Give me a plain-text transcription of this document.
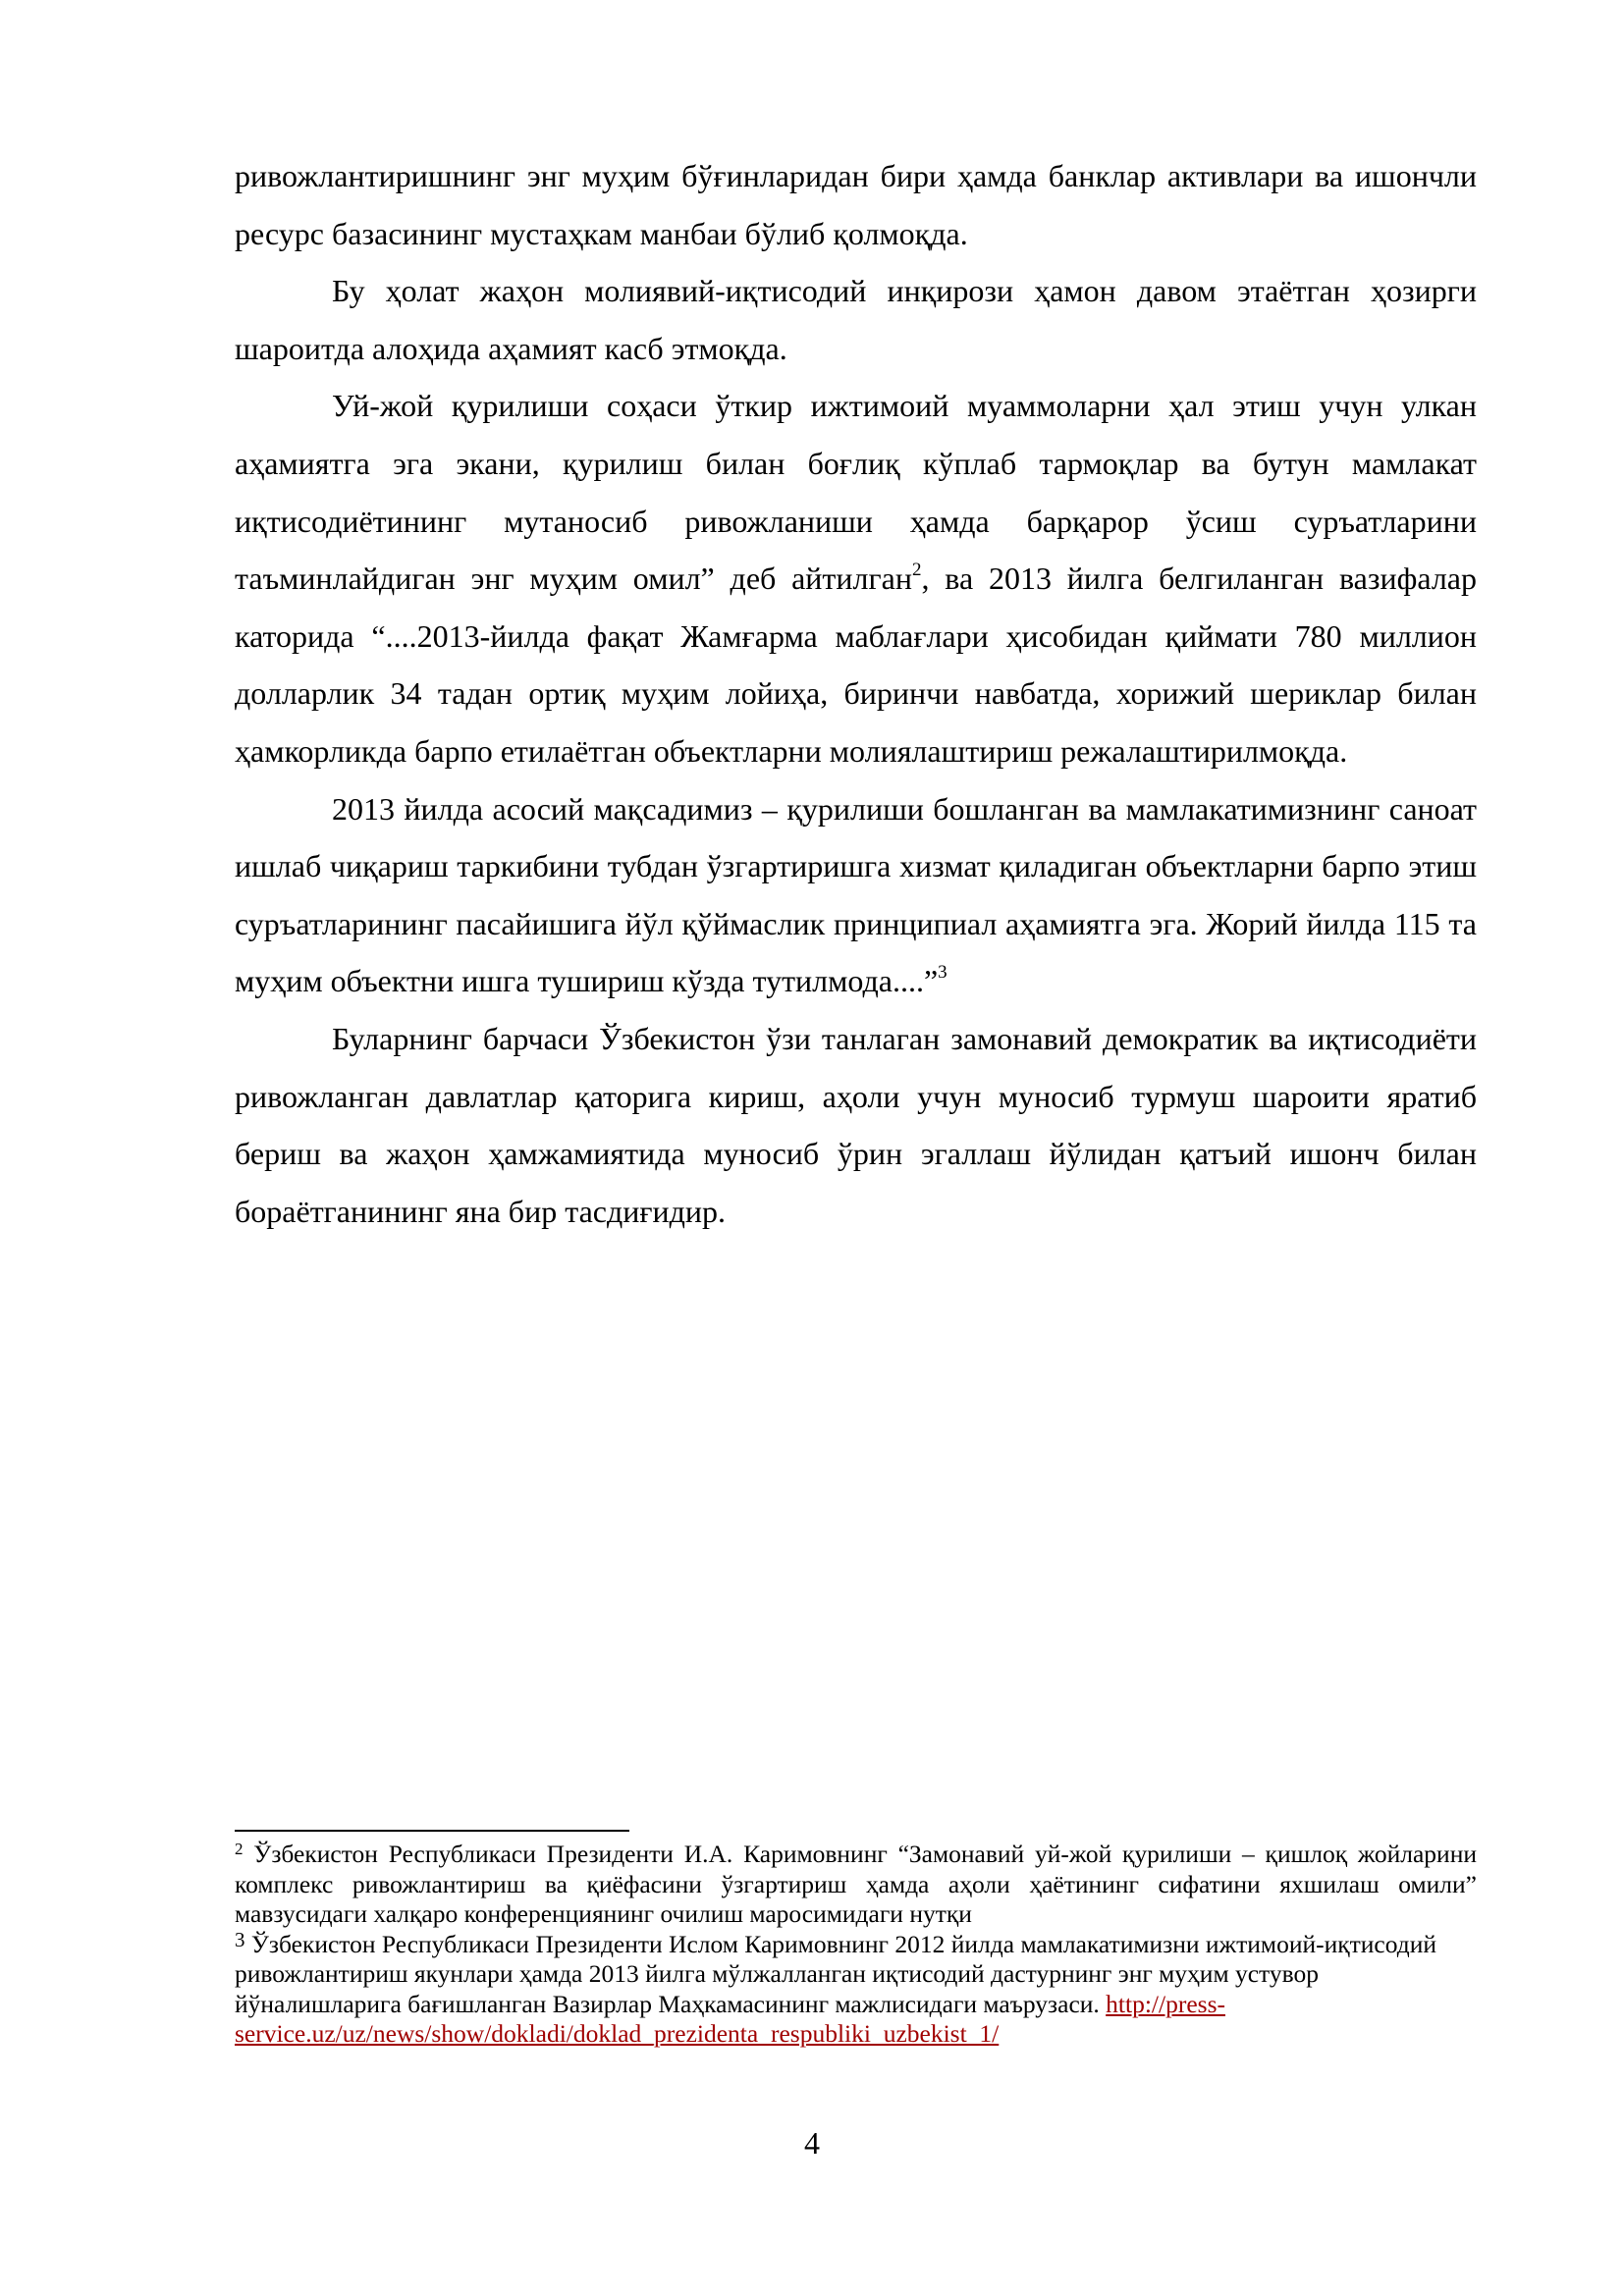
ривожлантиришнинг энг муҳим бўғинларидан бири ҳамда банклар активлари ва ишончли ресурс базасининг мустаҳкам манбаи бўлиб қолмоқда.

Бу ҳолат жаҳон молиявий-иқтисодий инқирози ҳамон давом этаётган ҳозирги шароитда алоҳида аҳамият касб этмоқда.

Уй-жой қурилиши соҳаси ўткир ижтимоий муаммоларни ҳал этиш учун улкан аҳамиятга эга экани, қурилиш билан боғлиқ кўплаб тармоқлар ва бутун мамлакат иқтисодиётининг мутаносиб ривожланиши ҳамда барқарор ўсиш суръатларини таъминлайдиган энг муҳим омил” деб айтилган$^2$, ва 2013 йилга белгиланган вазифалар каторида “....2013-йилда фақат Жамғарма маблағлари ҳисобидан қиймати 780 миллион долларлик 34 тадан ортиқ муҳим лойиҳа, биринчи навбатда, хорижий шериклар билан ҳамкорликда барпо етилаётган объектларни молиялаштириш режалаштирилмоқда.

2013 йилда асосий мақсадимиз – қурилиши бошланган ва мамлакатимизнинг саноат ишлаб чиқариш таркибини тубдан ўзгартиришга хизмат қиладиган объектларни барпо этиш суръатларининг пасайишига йўл қўймаслик принципиал аҳамиятга эга. Жорий йилда 115 та муҳим объектни ишга тушириш кўзда тутилмода....”$^3$

Буларнинг барчаси Ўзбекистон ўзи танлаган замонавий демократик ва иқтисодиёти ривожланган давлатлар қаторига кириш, аҳоли учун муносиб турмуш шароити яратиб бериш ва жаҳон ҳамжамиятида муносиб ўрин эгаллаш йўлидан қатъий ишонч билан бораётганининг яна бир тасдиғидир.

$^2$ Ўзбекистон Республикаси Президенти И.А. Каримовнинг “Замонавий уй-жой қурилиши – қишлоқ жойларини комплекс ривожлантириш ва қиёфасини ўзгартириш ҳамда аҳоли ҳаётининг сифатини яхшилаш омили” мавзусидаги халқаро конференциянинг очилиш маросимидаги нутқи

$^3$ Ўзбекистон Республикаси Президенти Ислом Каримовнинг 2012 йилда мамлакатимизни ижтимоий-иқтисодий ривожлантириш якунлари ҳамда 2013 йилга мўлжалланган иқтисодий дастурнинг энг муҳим устувор йўналишларига бағишланган Вазирлар Маҳкамасининг мажлисидаги маърузаси. http://press-
service.uz/uz/news/show/dokladi/doklad_prezidenta_respubliki_uzbekist_1/

4
